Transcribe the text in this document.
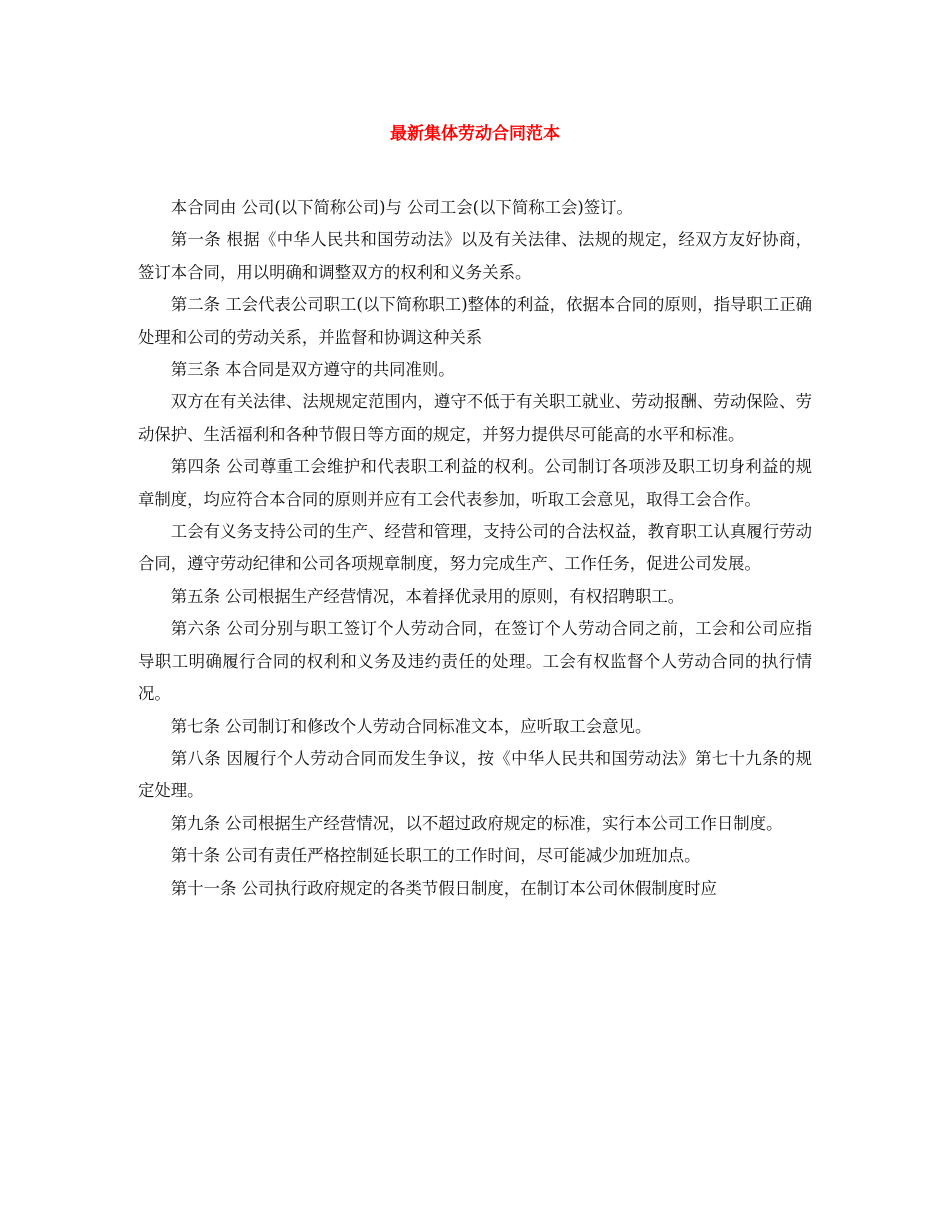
最新集体劳动合同范本

本合同由 公司(以下简称公司)与 公司工会(以下简称工会)签订。

第一条 根据《中华人民共和国劳动法》以及有关法律、法规的规定，经双方友好协商，签订本合同，用以明确和调整双方的权利和义务关系。

第二条 工会代表公司职工(以下简称职工)整体的利益，依据本合同的原则，指导职工正确处理和公司的劳动关系，并监督和协调这种关系

第三条 本合同是双方遵守的共同准则。

双方在有关法律、法规规定范围内，遵守不低于有关职工就业、劳动报酬、劳动保险、劳动保护、生活福利和各种节假日等方面的规定，并努力提供尽可能高的水平和标准。

第四条 公司尊重工会维护和代表职工利益的权利。公司制订各项涉及职工切身利益的规章制度，均应符合本合同的原则并应有工会代表参加，听取工会意见，取得工会合作。

工会有义务支持公司的生产、经营和管理，支持公司的合法权益，教育职工认真履行劳动合同，遵守劳动纪律和公司各项规章制度，努力完成生产、工作任务，促进公司发展。

第五条 公司根据生产经营情况，本着择优录用的原则，有权招聘职工。

第六条 公司分别与职工签订个人劳动合同，在签订个人劳动合同之前，工会和公司应指导职工明确履行合同的权利和义务及违约责任的处理。工会有权监督个人劳动合同的执行情况。

第七条 公司制订和修改个人劳动合同标准文本，应听取工会意见。

第八条 因履行个人劳动合同而发生争议，按《中华人民共和国劳动法》第七十九条的规定处理。

第九条 公司根据生产经营情况，以不超过政府规定的标准，实行本公司工作日制度。

第十条 公司有责任严格控制延长职工的工作时间，尽可能减少加班加点。

第十一条 公司执行政府规定的各类节假日制度，在制订本公司休假制度时应
